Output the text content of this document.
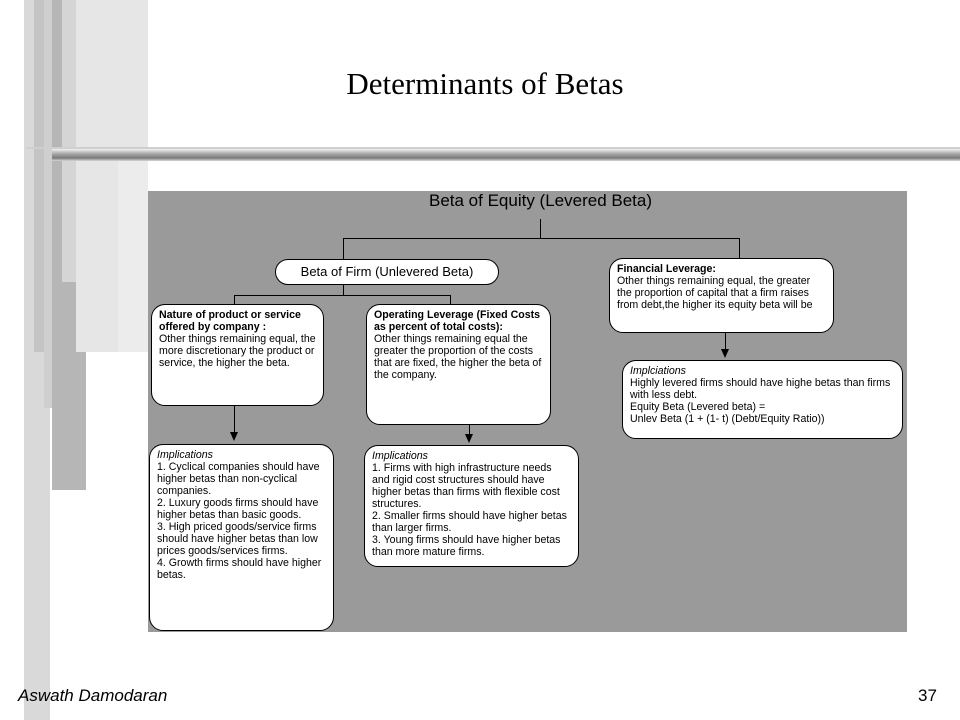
Determinants of Betas
Beta of Equity (Levered Beta)
Beta of Firm (Unlevered Beta)
Nature of product or service offered by company :
Other things remaining equal, the more discretionary the product or service, the higher the beta.
Operating Leverage (Fixed Costs as percent of total costs):
Other things remaining equal the greater the proportion of the costs that are fixed, the higher the beta of the company.
Financial Leverage:
Other things remaining equal, the greater the proportion of capital that a firm raises from debt,the higher its equity beta will be
Implications
1. Cyclical companies should have higher betas than non-cyclical companies.
2. Luxury goods firms should have higher betas than basic goods.
3. High priced goods/service firms should have higher betas than low prices goods/services firms.
4. Growth firms should have higher betas.
Implications
1. Firms with high infrastructure needs and rigid cost structures should have higher betas than firms with flexible cost structures.
2. Smaller firms should have higher betas than larger firms.
3. Young firms should have higher betas than more mature firms.
Implciations
Highly levered firms should have highe betas than firms with less debt.
Equity Beta (Levered beta) =
Unlev Beta (1 + (1- t) (Debt/Equity Ratio))
Aswath Damodaran	37
